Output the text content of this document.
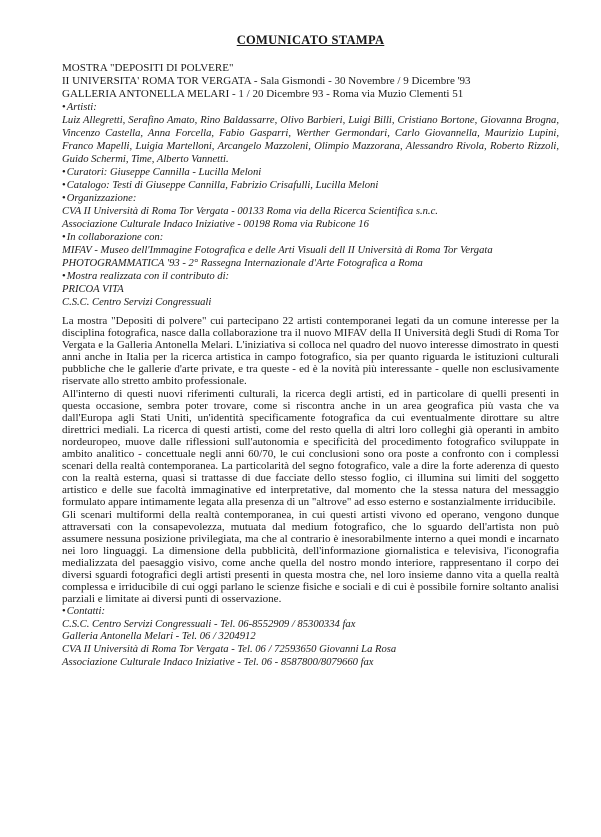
COMUNICATO STAMPA
MOSTRA "DEPOSITI DI POLVERE"
II UNIVERSITA' ROMA TOR VERGATA - Sala Gismondi - 30 Novembre / 9 Dicembre '93
GALLERIA ANTONELLA MELARI - 1 / 20 Dicembre 93 - Roma via Muzio Clementi 51
• Artisti:
Luiz Allegretti, Serafino Amato, Rino Baldassarre, Olivo Barbieri, Luigi Billi, Cristiano Bortone, Giovanna Brogna, Vincenzo Castella, Anna Forcella, Fabio Gasparri, Werther Germondari, Carlo Giovannella, Maurizio Lupini, Franco Mapelli, Luigia Martelloni, Arcangelo Mazzoleni, Olimpio Mazzorana, Alessandro Rivola, Roberto Rizzoli, Guido Schermi, Time, Alberto Vannetti.
• Curatori: Giuseppe Cannilla - Lucilla Meloni
• Catalogo: Testi di Giuseppe Cannilla, Fabrizio Crisafulli, Lucilla Meloni
• Organizzazione:
CVA II Università di Roma Tor Vergata - 00133 Roma via della Ricerca Scientifica s.n.c.
Associazione Culturale Indaco Iniziative - 00198 Roma via Rubicone 16
• In collaborazione con:
MIFAV - Museo dell'Immagine Fotografica e delle Arti Visuali dell II Università di Roma Tor Vergata
PHOTOGRAMMATICA '93 - 2° Rassegna Internazionale d'Arte Fotografica a Roma
• Mostra realizzata con il contributo di:
PRICOA VITA
C.S.C. Centro Servizi Congressuali

La mostra "Depositi di polvere" cui partecipano 22 artisti contemporanei legati da un comune interesse per la disciplina fotografica, nasce dalla collaborazione tra il nuovo MIFAV della II Università degli Studi di Roma Tor Vergata e la Galleria Antonella Melari. L'iniziativa si colloca nel quadro del nuovo interesse dimostrato in questi anni anche in Italia per la ricerca artistica in campo fotografico, sia per quanto riguarda le istituzioni culturali pubbliche che le gallerie d'arte private, e tra queste - ed è la novità più interessante - quelle non esclusivamente riservate allo stretto ambito professionale.

All'interno di questi nuovi riferimenti culturali, la ricerca degli artisti, ed in particolare di quelli presenti in questa occasione, sembra poter trovare, come si riscontra anche in un area geografica più vasta che va dall'Europa agli Stati Uniti, un'identità specificamente fotografica da cui eventualmente dirottare su altre direttrici mediali. La ricerca di questi artisti, come del resto quella di altri loro colleghi già operanti in ambito nordeuropeo, muove dalle riflessioni sull'autonomia e specificità del procedimento fotografico sviluppate in ambito analitico - concettuale negli anni 60/70, le cui conclusioni sono ora poste a confronto con i complessi scenari della realtà contemporanea. La particolarità del segno fotografico, vale a dire la forte aderenza di questo con la realtà esterna, quasi si trattasse di due facciate dello stesso foglio, ci illumina sui limiti del soggetto artistico e delle sue facoltà immaginative ed interpretative, dal momento che la stessa natura del messaggio formulato appare intimamente legata alla presenza di un "altrove" ad esso esterno e sostanzialmente irriducibile.

Gli scenari multiformi della realtà contemporanea, in cui questi artisti vivono ed operano, vengono dunque attraversati con la consapevolezza, mutuata dal medium fotografico, che lo sguardo dell'artista non può assumere nessuna posizione privilegiata, ma che al contrario è inesorabilmente interno a quei mondi e incarnato nei loro linguaggi. La dimensione della pubblicità, dell'informazione giornalistica e televisiva, l'iconografia medializzata del paesaggio visivo, come anche quella del nostro mondo interiore, rappresentano il corpo dei diversi sguardi fotografici degli artisti presenti in questa mostra che, nel loro insieme danno vita a quella realtà complessa e irriducibile di cui oggi parlano le scienze fisiche e sociali e di cui è possibile fornire soltanto analisi parziali e limitate ai diversi punti di osservazione.

• Contatti:
C.S.C. Centro Servizi Congressuali - Tel. 06-8552909 / 85300334 fax
Galleria Antonella Melari - Tel. 06 / 3204912
CVA II Università di Roma Tor Vergata - Tel. 06 / 72593650 Giovanni La Rosa
Associazione Culturale Indaco Iniziative - Tel. 06 - 8587800/8079660 fax
